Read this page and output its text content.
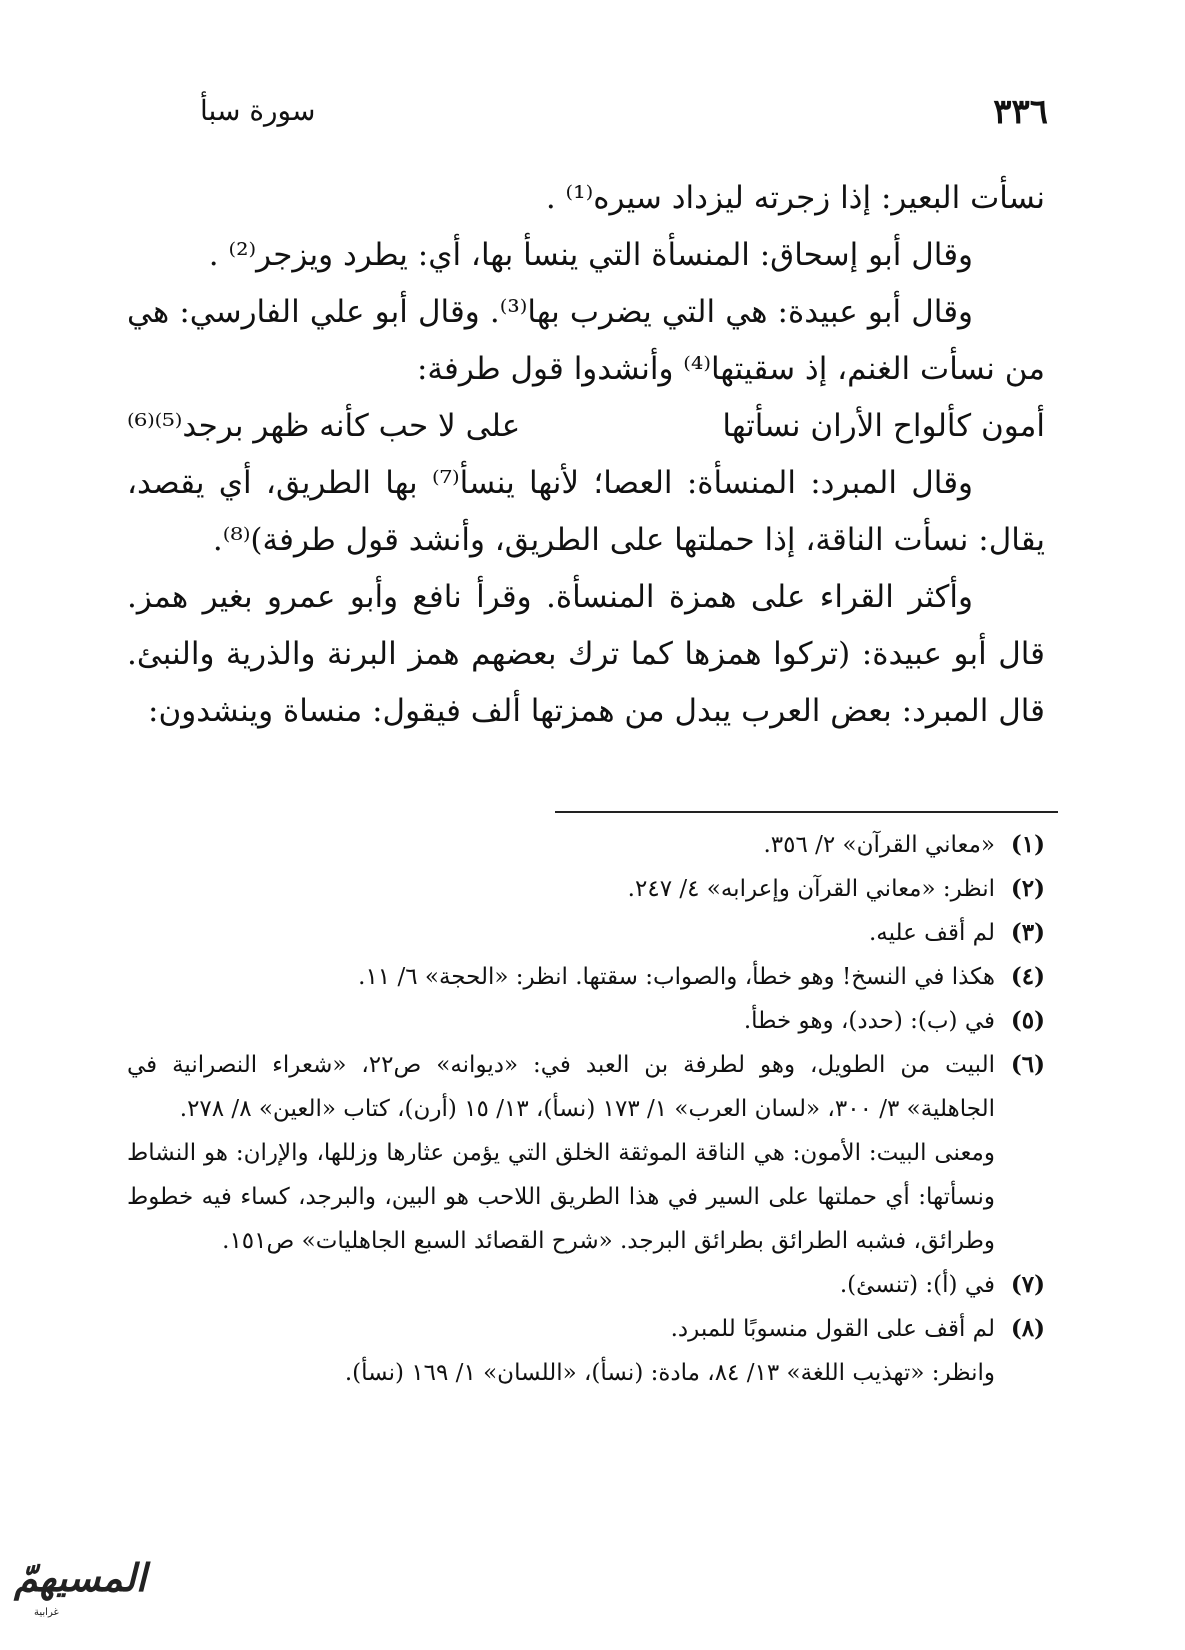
٣٣٦
سورة سبأ

نسأت البعير: إذا زجرته ليزداد سيره⁽¹⁾ .

وقال أبو إسحاق: المنسأة التي ينسأ بها، أي: يطرد ويزجر⁽²⁾ .

وقال أبو عبيدة: هي التي يضرب بها⁽³⁾. وقال أبو علي الفارسي: هي من نسأت الغنم، إذ سقيتها⁽⁴⁾ وأنشدوا قول طرفة:

أمون كألواح الأران نسأتها
على لا حب كأنه ظهر برجد⁽⁵⁾⁽⁶⁾

وقال المبرد: المنسأة: العصا؛ لأنها ينسأ⁽⁷⁾ بها الطريق، أي يقصد، يقال: نسأت الناقة، إذا حملتها على الطريق، وأنشد قول طرفة)⁽⁸⁾.

وأكثر القراء على همزة المنسأة. وقرأ نافع وأبو عمرو بغير همز. قال أبو عبيدة: (تركوا همزها كما ترك بعضهم همز البرنة والذرية والنبئ. قال المبرد: بعض العرب يبدل من همزتها ألف فيقول: منساة وينشدون:

(١)
«معاني القرآن» ٢/ ٣٥٦.
(٢)
انظر: «معاني القرآن وإعرابه» ٤/ ٢٤٧.
(٣)
لم أقف عليه.
(٤)
هكذا في النسخ! وهو خطأ، والصواب: سقتها. انظر: «الحجة» ٦/ ١١.
(٥)
في (ب): (حدد)، وهو خطأ.
(٦)
البيت من الطويل، وهو لطرفة بن العبد في: «ديوانه» ص٢٢، «شعراء النصرانية في الجاهلية» ٣/ ٣٠٠، «لسان العرب» ١/ ١٧٣ (نسأ)، ١٣/ ١٥ (أرن)، كتاب «العين» ٨/ ٢٧٨.
ومعنى البيت: الأمون: هي الناقة الموثقة الخلق التي يؤمن عثارها وزللها، والإران: هو النشاط ونسأتها: أي حملتها على السير في هذا الطريق اللاحب هو البين، والبرجد، كساء فيه خطوط وطرائق، فشبه الطرائق بطرائق البرجد. «شرح القصائد السبع الجاهليات» ص١٥١.
(٧)
في (أ): (تنسئ).
(٨)
لم أقف على القول منسوبًا للمبرد.
وانظر: «تهذيب اللغة» ١٣/ ٨٤، مادة: (نسأ)، «اللسان» ١/ ١٦٩ (نسأ).
المسيهمّ
غرابية
